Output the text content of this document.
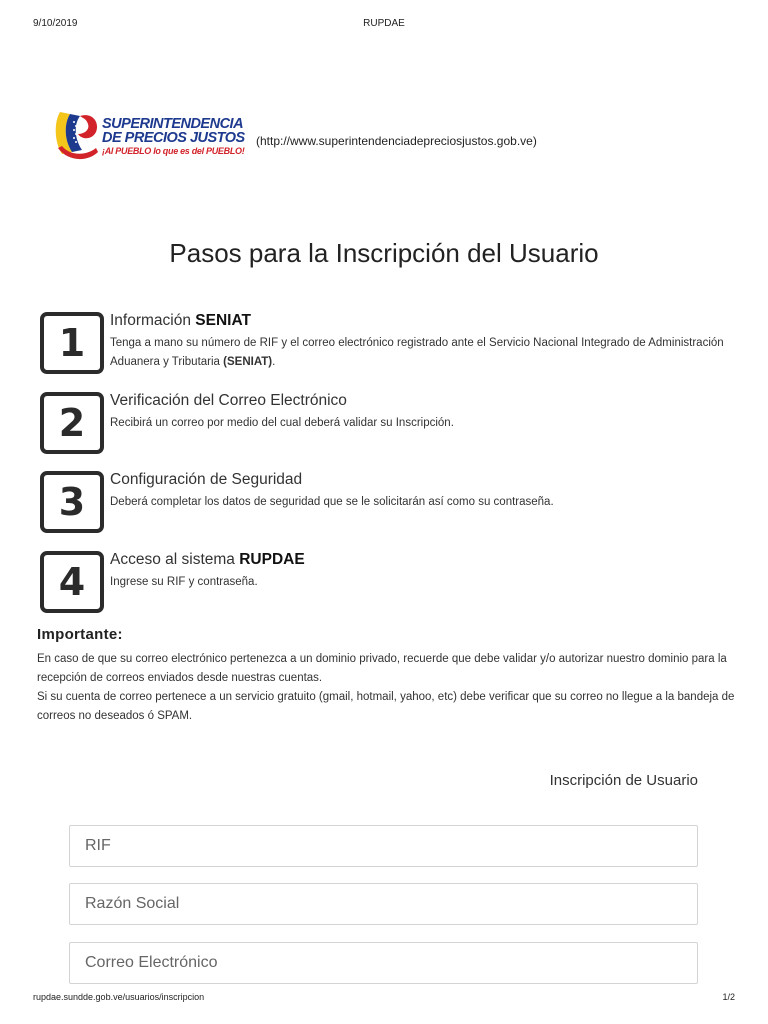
9/10/2019	RUPDAE
SUPERINTENDENCIA
DE PRECIOS JUSTOS
¡Al PUEBLO lo que es del PUEBLO!
(http://www.superintendenciadepreciosjustos.gob.ve)
Pasos para la Inscripción del Usuario
1
Información SENIAT
Tenga a mano su número de RIF y el correo electrónico registrado ante el Servicio Nacional Integrado de Administración Aduanera y Tributaria (SENIAT).
2
Verificación del Correo Electrónico
Recibirá un correo por medio del cual deberá validar su Inscripción.
3
Configuración de Seguridad
Deberá completar los datos de seguridad que se le solicitarán así como su contraseña.
4
Acceso al sistema RUPDAE
Ingrese su RIF y contraseña.
Importante:

En caso de que su correo electrónico pertenezca a un dominio privado, recuerde que debe validar y/o autorizar nuestro dominio para la recepción de correos enviados desde nuestras cuentas.
Si su cuenta de correo pertenece a un servicio gratuito (gmail, hotmail, yahoo, etc) debe verificar que su correo no llegue a la bandeja de correos no deseados ó SPAM.

Inscripción de Usuario
RIF
Razón Social
Correo Electrónico
rupdae.sundde.gob.ve/usuarios/inscripcion	1/2
